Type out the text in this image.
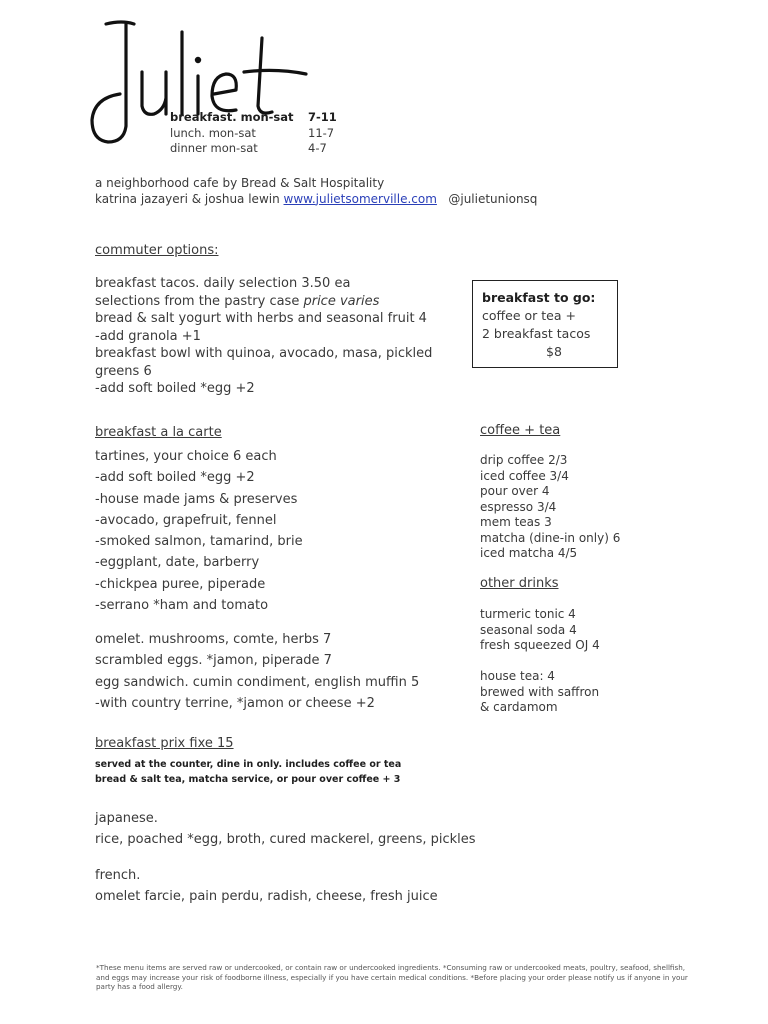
breakfast. mon-sat 7-11
lunch. mon-sat	11-7
dinner mon-sat	4-7
a neighborhood cafe by Bread & Salt Hospitality
katrina jazayeri & joshua lewin www.julietsomerville.com @julietunionsq
commuter options:
breakfast tacos. daily selection 3.50 ea
selections from the pastry case price varies
bread & salt yogurt with herbs and seasonal fruit 4
-add granola +1
breakfast bowl with quinoa, avocado, masa, pickled
greens 6
-add soft boiled *egg +2
breakfast to go:
coffee or tea +
2 breakfast tacos
$8
breakfast a la carte
tartines, your choice 6 each
-add soft boiled *egg +2
-house made jams & preserves
-avocado, grapefruit, fennel
-smoked salmon, tamarind, brie
-eggplant, date, barberry
-chickpea puree, piperade
-serrano *ham and tomato
omelet. mushrooms, comte, herbs 7
scrambled eggs. *jamon, piperade 7
egg sandwich. cumin condiment, english muffin 5
-with country terrine, *jamon or cheese +2
coffee + tea
drip coffee 2/3
iced coffee 3/4
pour over 4
espresso 3/4
mem teas 3
matcha (dine-in only) 6
iced matcha 4/5
other drinks
turmeric tonic 4
seasonal soda 4
fresh squeezed OJ 4
house tea: 4
brewed with saffron
& cardamom
breakfast prix fixe 15
served at the counter, dine in only. includes coffee or tea
bread & salt tea, matcha service, or pour over coffee + 3
japanese.
rice, poached *egg, broth, cured mackerel, greens, pickles
french.
omelet farcie, pain perdu, radish, cheese, fresh juice
*These menu items are served raw or undercooked, or contain raw or undercooked ingredients. *Consuming raw or undercooked meats, poultry, seafood, shellfish, and eggs may increase your risk of foodborne illness, especially if you have certain medical conditions. *Before placing your order please notify us if anyone in your party has a food allergy.
